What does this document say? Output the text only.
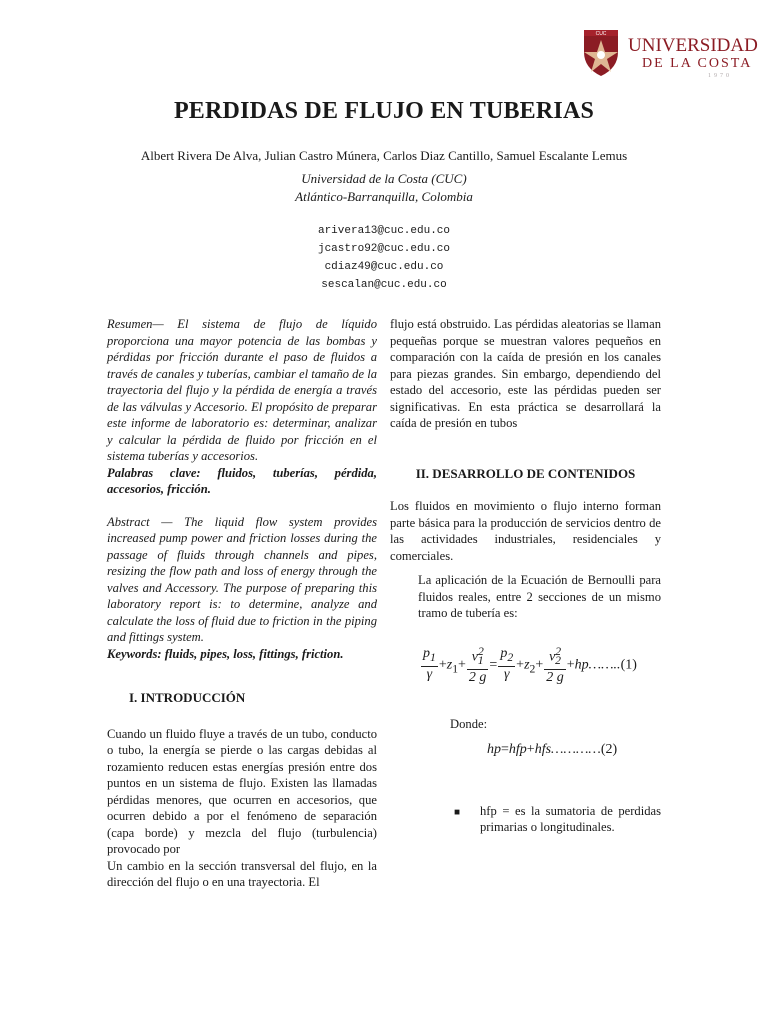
CUC
UNIVERSIDAD
DE LA COSTA
1970
PERDIDAS DE FLUJO EN TUBERIAS

Albert Rivera De Alva, Julian Castro Múnera, Carlos Diaz Cantillo, Samuel Escalante Lemus

Universidad de la Costa (CUC)
Atlántico-Barranquilla, Colombia
arivera13@cuc.edu.co
jcastro92@cuc.edu.co
cdiaz49@cuc.edu.co
sescalan@cuc.edu.co

Resumen— El sistema de flujo de líquido proporciona una mayor potencia de las bombas y pérdidas por fricción durante el paso de fluidos a través de canales y tuberías, cambiar el tamaño de la trayectoria del flujo y la pérdida de energía a través de las válvulas y Accesorio. El propósito de preparar este informe de laboratorio es: determinar, analizar y calcular la pérdida de fluido por fricción en el sistema tuberías y accesorios.

Palabras clave: fluidos, tuberías, pérdida, accesorios, fricción.

Abstract — The liquid flow system provides increased pump power and friction losses during the passage of fluids through channels and pipes, resizing the flow path and loss of energy through the valves and Accessory. The purpose of preparing this laboratory report is: to determine, analyze and calculate the loss of fluid due to friction in the piping and fittings system.

Keywords: fluids, pipes, loss, fittings, friction.

I. INTRODUCCIÓN

Cuando un fluido fluye a través de un tubo, conducto o tubo, la energía se pierde o las cargas debidas al rozamiento reducen estas energías presión entre dos puntos en un sistema de flujo. Existen las llamadas pérdidas menores, que ocurren en accesorios, que ocurren debido a por el fenómeno de separación (capa borde) y mezcla del flujo (turbulencia) provocado por

Un cambio en la sección transversal del flujo, en la dirección del flujo o en una trayectoria. El

flujo está obstruido. Las pérdidas aleatorias se llaman pequeñas porque se muestran valores pequeños en comparación con la caída de presión en los canales para piezas grandes. Sin embargo, dependiendo del estado del accesorio, este las pérdidas pueden ser significativas. En esta práctica se desarrollará la caída de presión en tubos

II. DESARROLLO DE CONTENIDOS

Los fluidos en movimiento o flujo interno forman parte básica para la producción de servicios dentro de las actividades industriales, residenciales y comerciales.

La aplicación de la Ecuación de Bernoulli para fluidos reales, entre 2 secciones de un mismo tramo de tubería es:

$\frac{p_1}{\gamma} +z_1+ \frac{v^2_1}{2 g} = \frac{p_2}{\gamma} +z_2+ \frac{v^2_2}{2 g}$ +hp……..(1)

Donde:

hp=hfp+hfs…………(2)
■	hfp = es la sumatoria de perdidas primarias o longitudinales.
